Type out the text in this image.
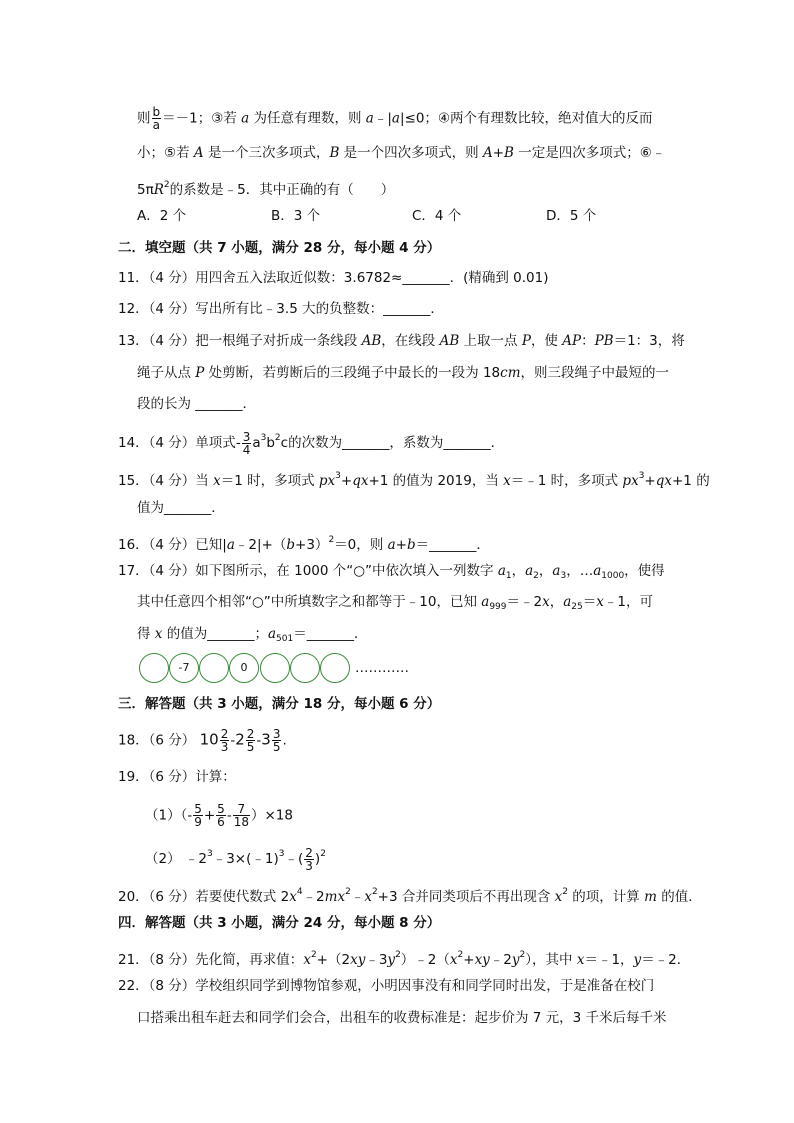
则 $\frac{b}{a} =-1$；③若 a 为任意有理数，则 a﹣|a|≤0；④两个有理数比较，绝对值大的反而
小；⑤若 A 是一个三次多项式，B 是一个四次多项式，则 A+B 一定是四次多项式；⑥﹣
$5\pi R^2$的系数是﹣5．其中正确的有（　　）
A．2 个	B．3 个	C．4 个	D．5 个
二．填空题（共 7 小题，满分 28 分，每小题 4 分）
11．（4 分）用四舍五入法取近似数：3.6782≈_______．(精确到 0.01)
12．（4 分）写出所有比﹣3.5 大的负整数：_______．
13．（4 分）把一根绳子对折成一条线段 AB，在线段 AB 上取一点 P，使 AP：PB＝1：3，将
绳子从点 P 处剪断，若剪断后的三段绳子中最长的一段为 18cm，则三段绳子中最短的一
段的长为 _______．
14．（4 分）单项式- $\frac{3}{4} a^3b^2c$的次数为_______，系数为_______．
15．（4 分）当 x＝1 时，多项式 $px^3+qx+1$ 的值为 2019，当 x＝﹣1 时，多项式 $px^3+qx+1$ 的
值为_______．
16．（4 分）已知$|a﹣2|+(b+3)^2=0$，则 a+b＝_______．
17．（4 分）如下图所示，在 1000 个“○”中依次填入一列数字 $a_1$，$a_2$，$a_3$，$\dots a_{1000}$，使得
其中任意四个相邻“○”中所填数字之和都等于﹣10，已知 $a_{999}=﹣2x$，$a_{25}=x﹣1$，可
得 x 的值为_______；$a_{501}=\_\_\_\_\_\_\_$．
-7	0	…………
三．解答题（共 3 小题，满分 18 分，每小题 6 分）
18．（6 分） $10 \frac{2}{3} -2 \frac{2}{5} -3 \frac{3}{5}$ .
19．（6 分）计算：
$(1)(- \frac{5}{9} + \frac{5}{6} - \frac{7}{18} )\times 18$
（2） $﹣2^3﹣3\times(﹣1)^3﹣( \frac{2}{3} )^2$
20．（6 分）若要使代数式 $2x^4﹣2mx^2﹣x^2+3$ 合并同类项后不再出现含 $x^2$ 的项，计算 m 的值．
四．解答题（共 3 小题，满分 24 分，每小题 8 分）
21．（8 分）先化简，再求值：$x^2+(2xy﹣3y^2)﹣2(x^2+xy﹣2y^2)$，其中 x＝﹣1，y＝﹣2．
22．（8 分）学校组织同学到博物馆参观，小明因事没有和同学同时出发，于是准备在校门
口搭乘出租车赶去和同学们会合，出租车的收费标准是：起步价为 7 元，3 千米后每千米
